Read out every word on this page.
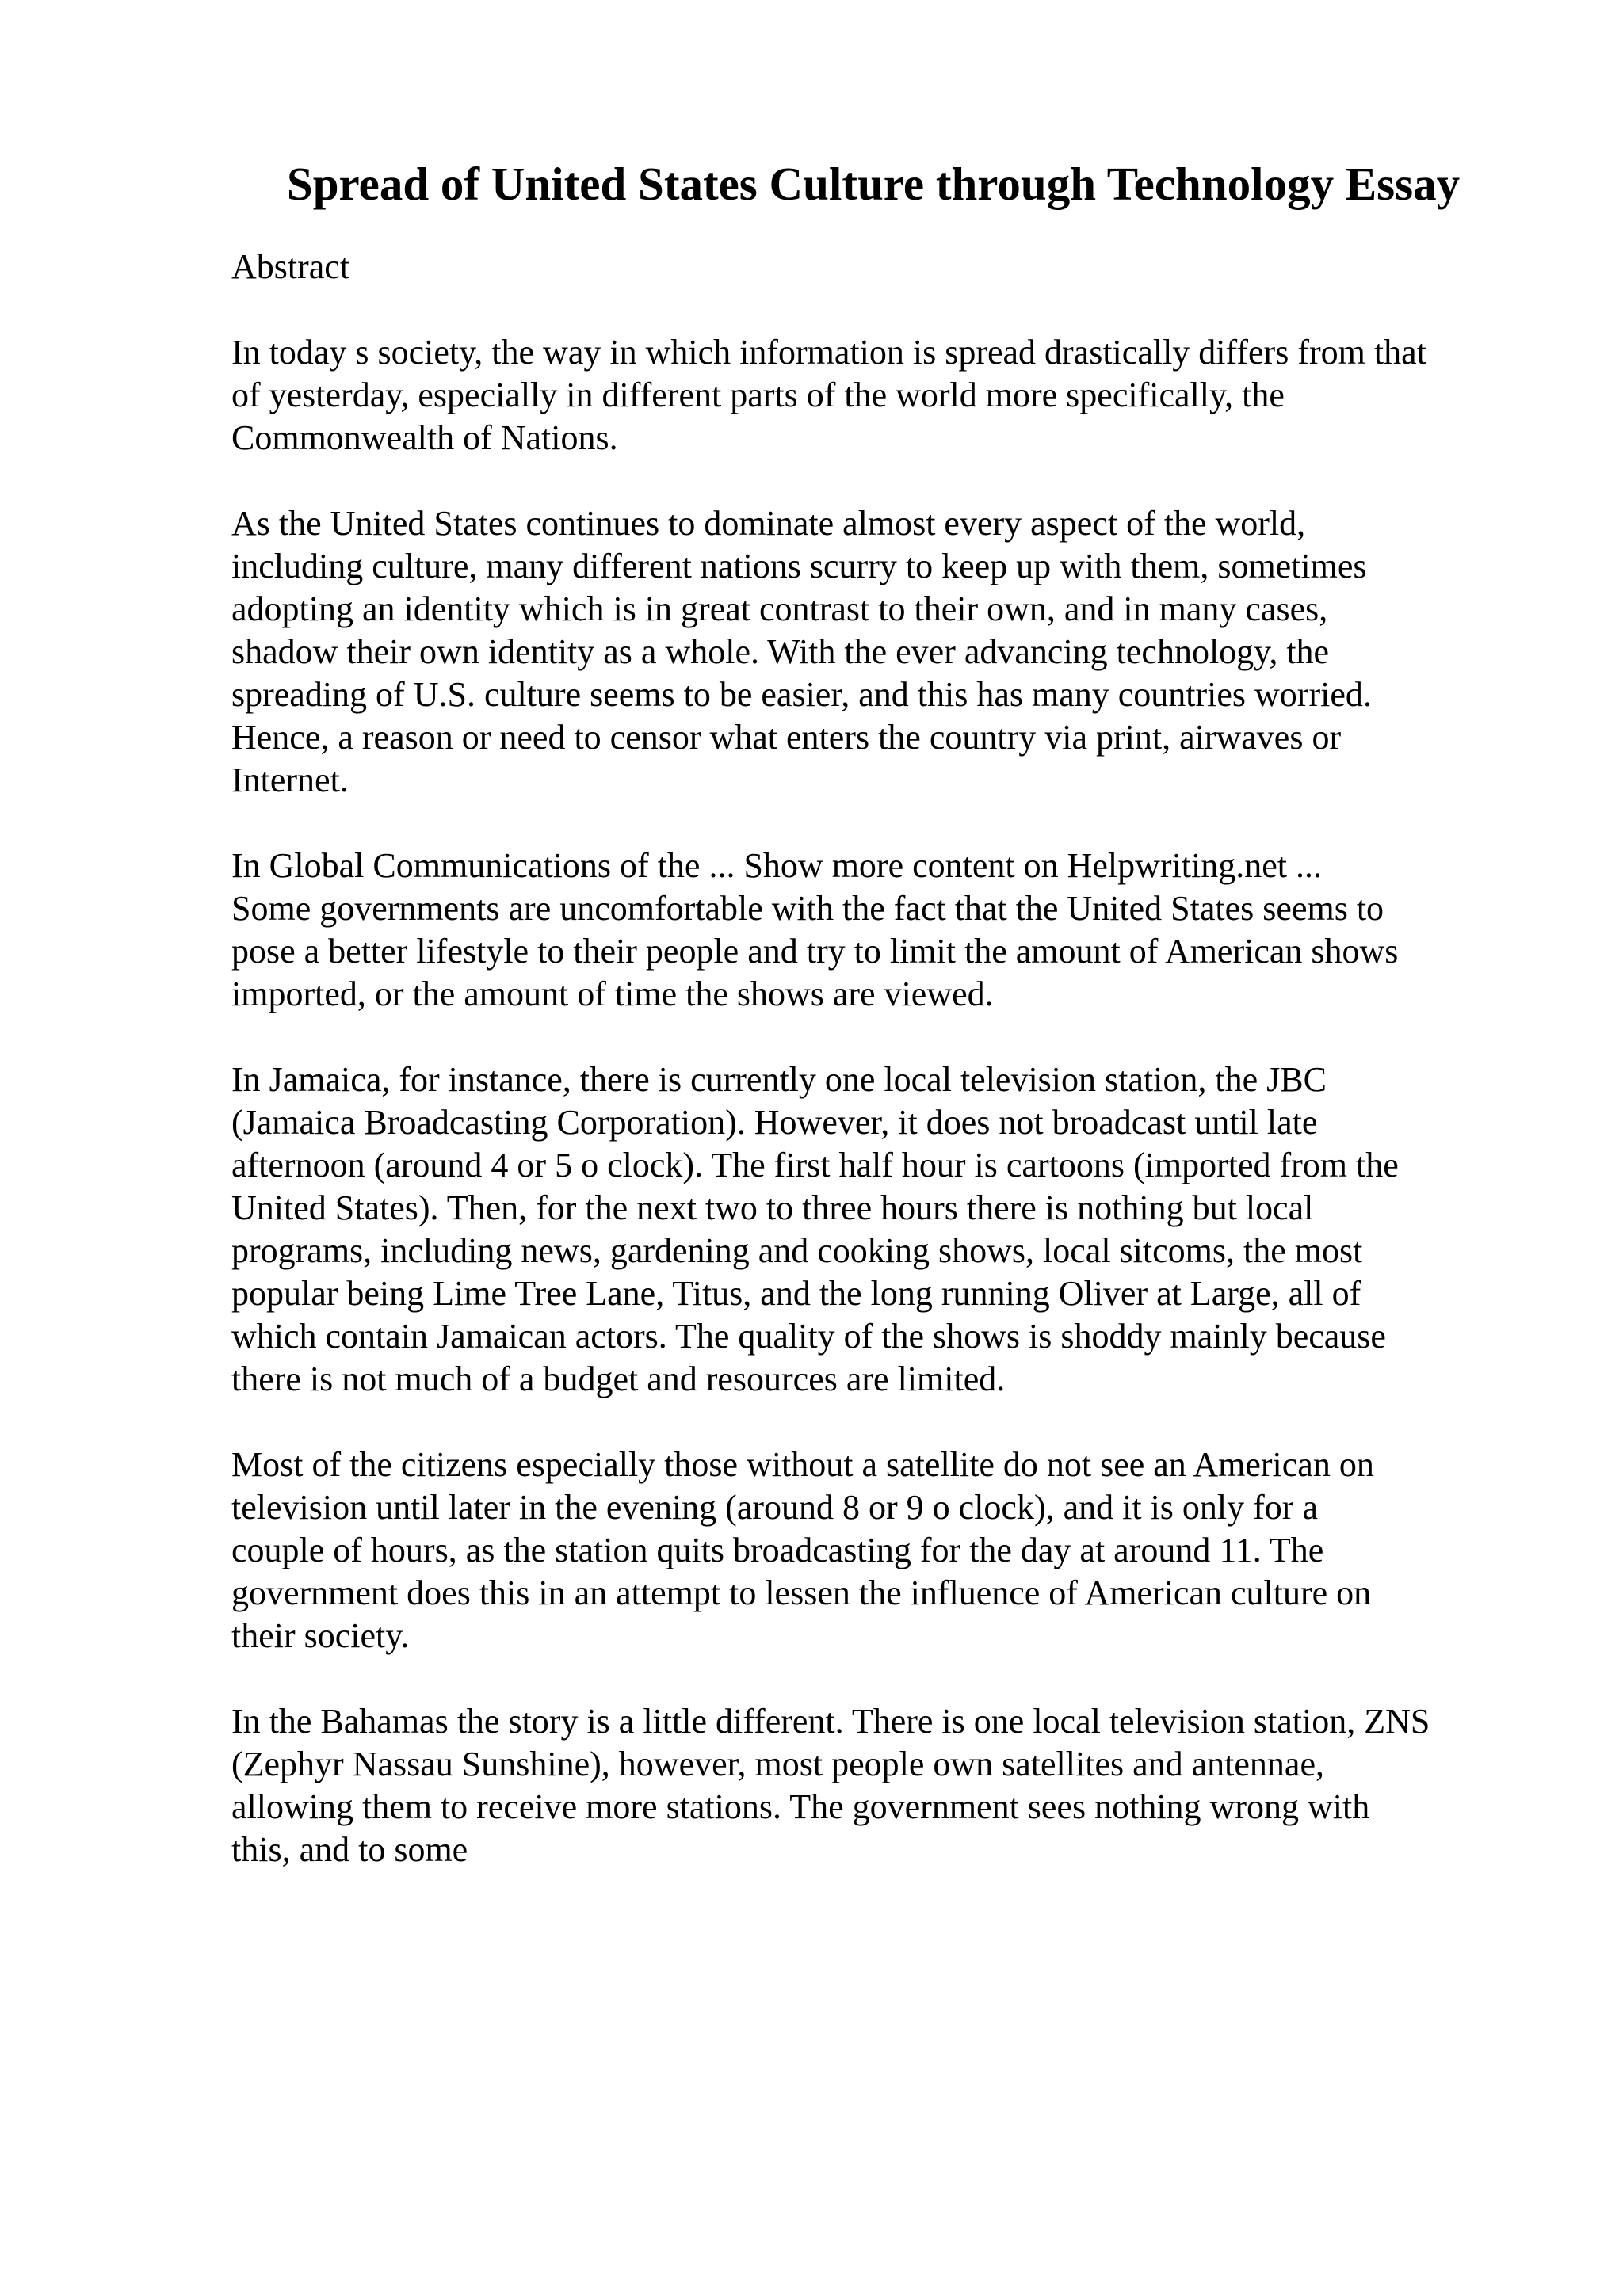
Spread of United States Culture through Technology Essay

Abstract

In today s society, the way in which information is spread drastically differs from that
of yesterday, especially in different parts of the world more specifically, the
Commonwealth of Nations.

As the United States continues to dominate almost every aspect of the world,
including culture, many different nations scurry to keep up with them, sometimes
adopting an identity which is in great contrast to their own, and in many cases,
shadow their own identity as a whole. With the ever advancing technology, the
spreading of U.S. culture seems to be easier, and this has many countries worried.
Hence, a reason or need to censor what enters the country via print, airwaves or
Internet.

In Global Communications of the ... Show more content on Helpwriting.net ...
Some governments are uncomfortable with the fact that the United States seems to
pose a better lifestyle to their people and try to limit the amount of American shows
imported, or the amount of time the shows are viewed.

In Jamaica, for instance, there is currently one local television station, the JBC
(Jamaica Broadcasting Corporation). However, it does not broadcast until late
afternoon (around 4 or 5 o clock). The first half hour is cartoons (imported from the
United States). Then, for the next two to three hours there is nothing but local
programs, including news, gardening and cooking shows, local sitcoms, the most
popular being Lime Tree Lane, Titus, and the long running Oliver at Large, all of
which contain Jamaican actors. The quality of the shows is shoddy mainly because
there is not much of a budget and resources are limited.

Most of the citizens especially those without a satellite do not see an American on
television until later in the evening (around 8 or 9 o clock), and it is only for a
couple of hours, as the station quits broadcasting for the day at around 11. The
government does this in an attempt to lessen the influence of American culture on
their society.

In the Bahamas the story is a little different. There is one local television station, ZNS
(Zephyr Nassau Sunshine), however, most people own satellites and antennae,
allowing them to receive more stations. The government sees nothing wrong with
this, and to some
